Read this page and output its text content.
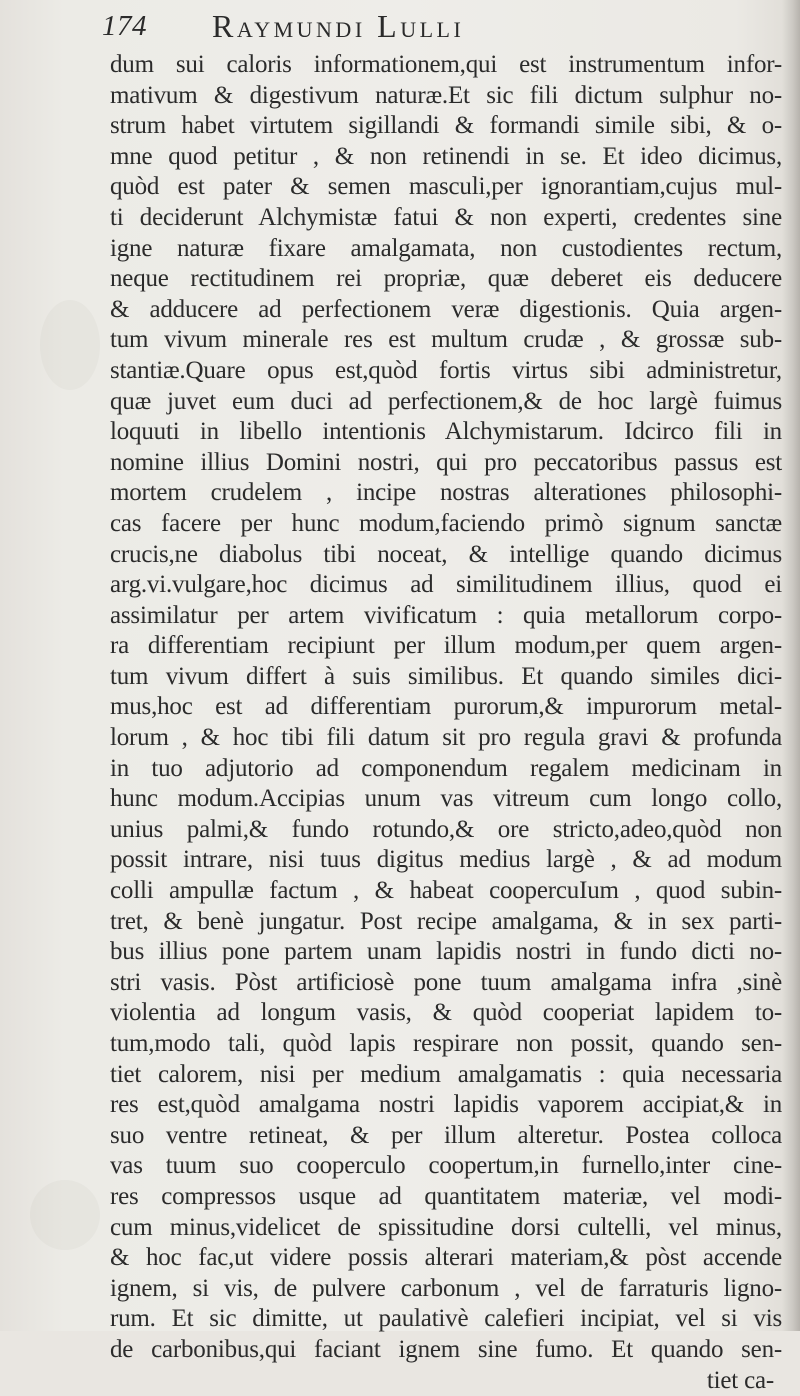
174 Raymundi Lulli
dum sui caloris informationem,qui est instrumentum infor-
mativum & digestivum naturæ.Et sic fili dictum sulphur no-
strum habet virtutem sigillandi & formandi simile sibi, & o-
mne quod petitur , & non retinendi in se. Et ideo dicimus,
quòd est pater & semen masculi,per ignorantiam,cujus mul-
ti deciderunt Alchymistæ fatui & non experti, credentes sine
igne naturæ fixare amalgamata, non custodientes rectum,
neque rectitudinem rei propriæ, quæ deberet eis deducere
& adducere ad perfectionem veræ digestionis. Quia argen-
tum vivum minerale res est multum crudæ , & grossæ sub-
stantiæ.Quare opus est,quòd fortis virtus sibi administretur,
quæ juvet eum duci ad perfectionem,& de hoc largè fuimus
loquuti in libello intentionis Alchymistarum. Idcirco fili in
nomine illius Domini nostri, qui pro peccatoribus passus est
mortem crudelem , incipe nostras alterationes philosophi-
cas facere per hunc modum,faciendo primò signum sanctæ
crucis,ne diabolus tibi noceat, & intellige quando dicimus
arg.vi.vulgare,hoc dicimus ad similitudinem illius, quod ei
assimilatur per artem vivificatum : quia metallorum corpo-
ra differentiam recipiunt per illum modum,per quem argen-
tum vivum differt à suis similibus. Et quando similes dici-
mus,hoc est ad differentiam purorum,& impurorum metal-
lorum , & hoc tibi fili datum sit pro regula gravi & profunda
in tuo adjutorio ad componendum regalem medicinam in
hunc modum.Accipias unum vas vitreum cum longo collo,
unius palmi,& fundo rotundo,& ore stricto,adeo,quòd non
possit intrare, nisi tuus digitus medius largè , & ad modum
colli ampullæ factum , & habeat coopercuIum , quod subin-
tret, & benè jungatur. Post recipe amalgama, & in sex parti-
bus illius pone partem unam lapidis nostri in fundo dicti no-
stri vasis. Pòst artificiosè pone tuum amalgama infra ,sinè
violentia ad longum vasis, & quòd cooperiat lapidem to-
tum,modo tali, quòd lapis respirare non possit, quando sen-
tiet calorem, nisi per medium amalgamatis : quia necessaria
res est,quòd amalgama nostri lapidis vaporem accipiat,& in
suo ventre retineat, & per illum alteretur. Postea colloca
vas tuum suo cooperculo coopertum,in furnello,inter cine-
res compressos usque ad quantitatem materiæ, vel modi-
cum minus,videlicet de spissitudine dorsi cultelli, vel minus,
& hoc fac,ut videre possis alterari materiam,& pòst accende
ignem, si vis, de pulvere carbonum , vel de farraturis ligno-
rum. Et sic dimitte, ut paulativè calefieri incipiat, vel si vis
de carbonibus,qui faciant ignem sine fumo. Et quando sen-
tiet ca-
